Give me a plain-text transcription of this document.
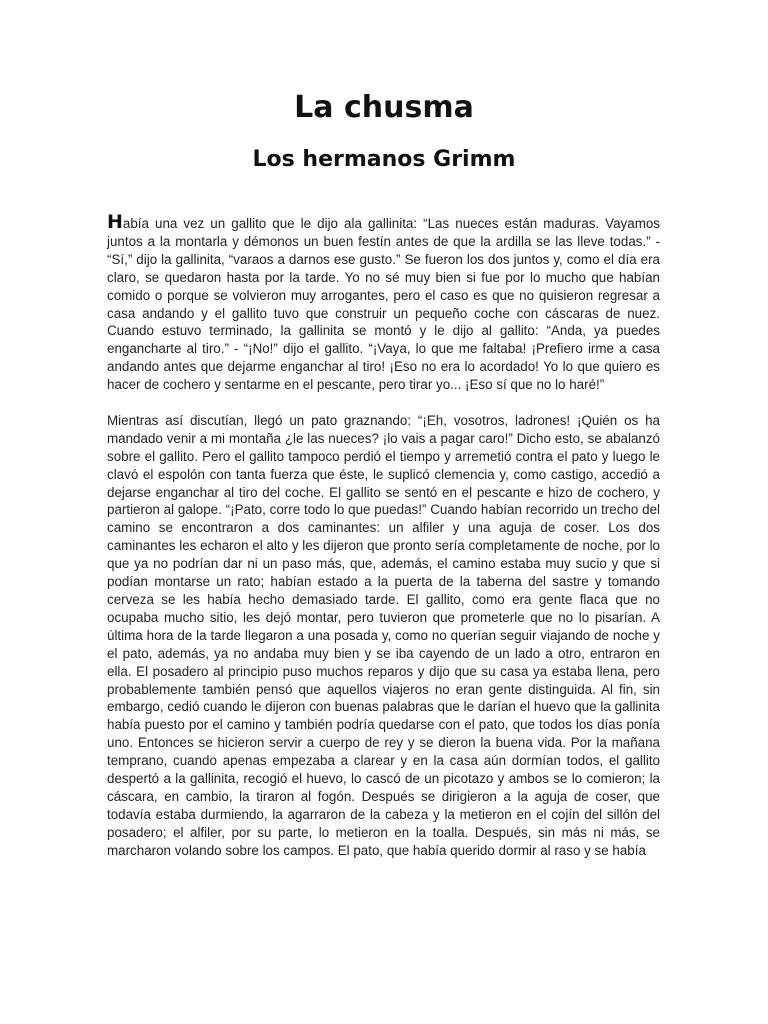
La chusma
Los hermanos Grimm

Había una vez un gallito que le dijo ala gallinita: “Las nueces están maduras. Vayamos juntos a la montarla y démonos un buen festín antes de que la ardilla se las lleve todas.” - “Sí,” dijo la gallinita, “varaos a darnos ese gusto.” Se fueron los dos juntos y, como el día era claro, se quedaron hasta por la tarde. Yo no sé muy bien si fue por lo mucho que habían comido o porque se volvieron muy arrogantes, pero el caso es que no quisieron regresar a casa andando y el gallito tuvo que construir un pequeño coche con cáscaras de nuez. Cuando estuvo terminado, la gallinita se montó y le dijo al gallito: “Anda, ya puedes engancharte al tiro.” - “¡No!” dijo el gallito. “¡Vaya, lo que me faltaba! ¡Prefiero irme a casa andando antes que dejarme enganchar al tiro! ¡Eso no era lo acordado! Yo lo que quiero es hacer de cochero y sentarme en el pescante, pero tirar yo... ¡Eso sí que no lo haré!”

Mientras así discutían, llegó un pato graznando: “¡Eh, vosotros, ladrones! ¡Quién os ha mandado venir a mi montaña ¿le las nueces? ¡lo vais a pagar caro!” Dicho esto, se abalanzó sobre el gallito. Pero el gallito tampoco perdió el tiempo y arremetió contra el pato y luego le clavó el espolón con tanta fuerza que éste, le suplicó clemencia y, como castigo, accedió a dejarse enganchar al tiro del coche. El gallito se sentó en el pescante e hizo de cochero, y partieron al galope. “¡Pato, corre todo lo que puedas!” Cuando habían recorrido un trecho del camino se encontraron a dos caminantes: un alfiler y una aguja de coser. Los dos caminantes les echaron el alto y les dijeron que pronto sería completamente de noche, por lo que ya no podrían dar ni un paso más, que, además, el camino estaba muy sucio y que si podían montarse un rato; habían estado a la puerta de la taberna del sastre y tomando cerveza se les había hecho demasiado tarde. El gallito, como era gente flaca que no ocupaba mucho sitio, les dejó montar, pero tuvieron que prometerle que no lo pisarían. A última hora de la tarde llegaron a una posada y, como no querían seguir viajando de noche y el pato, además, ya no andaba muy bien y se iba cayendo de un lado a otro, entraron en ella. El posadero al principio puso muchos reparos y dijo que su casa ya estaba llena, pero probablemente también pensó que aquellos viajeros no eran gente distinguida. Al fin, sin embargo, cedió cuando le dijeron con buenas palabras que le darían el huevo que la gallinita había puesto por el camino y también podría quedarse con el pato, que todos los días ponía uno. Entonces se hicieron servir a cuerpo de rey y se dieron la buena vida. Por la mañana temprano, cuando apenas empezaba a clarear y en la casa aún dormían todos, el gallito despertó a la gallinita, recogió el huevo, lo cascó de un picotazo y ambos se lo comieron; la cáscara, en cambio, la tiraron al fogón. Después se dirigieron a la aguja de coser, que todavía estaba durmiendo, la agarraron de la cabeza y la metieron en el cojín del sillón del posadero; el alfiler, por su parte, lo metieron en la toalla. Después, sin más ni más, se marcharon volando sobre los campos. El pato, que había querido dormir al raso y se había
